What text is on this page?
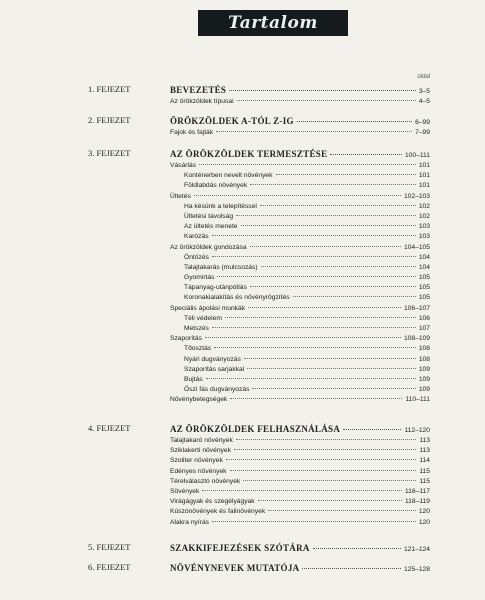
Tartalom
oldal
1. FEJEZET	BEVEZETÉS	3–5
Az örökzöldek típusai	4–5
2. FEJEZET	ÖRÖKZÖLDEK A-TÓL Z-IG	6–99
Fajok és fajták	7–99
3. FEJEZET	AZ ÖRÖKZÖLDEK TERMESZTÉSE	100–111
Vásárlás	101
Konténerben nevelt növények	101
Földlabdás növények	101
Ültetés	102–103
Ha késünk a telepítéssel	102
Ültetési távolság	102
Az ültetés menete	103
Karózás	103
Az örökzöldek gondozása	104–105
Öntözés	104
Talajtakarás (mulcsozás)	104
Gyomirtás	105
Tápanyag-utánpótlás	105
Koronakialakítás és növényrögzítés	105
Speciális ápolási munkák	106–107
Téli védelem	106
Metszés	107
Szaporítás	108–109
Tőosztás	108
Nyári dugványozás	108
Szaporítás sarjakkal	109
Bujtás	109
Őszi fás dugványozás	109
Növénybetegségek	110–111
4. FEJEZET	AZ ÖRÖKZÖLDEK FELHASZNÁLÁSA	112–120
Talajtakaró növények	113
Sziklakerti növények	113
Szoliter növények	114
Edényes növények	115
Térelválasztó növények	115
Sövények	116–117
Virágágyak és szegélyágyak	118–119
Kúszónövények és falinövények	120
Alakra nyírás	120
5. FEJEZET	SZAKKIFEJEZÉSEK SZÓTÁRA	121–124
6. FEJEZET	NÖVÉNYNEVEK MUTATÓJA	125–128
